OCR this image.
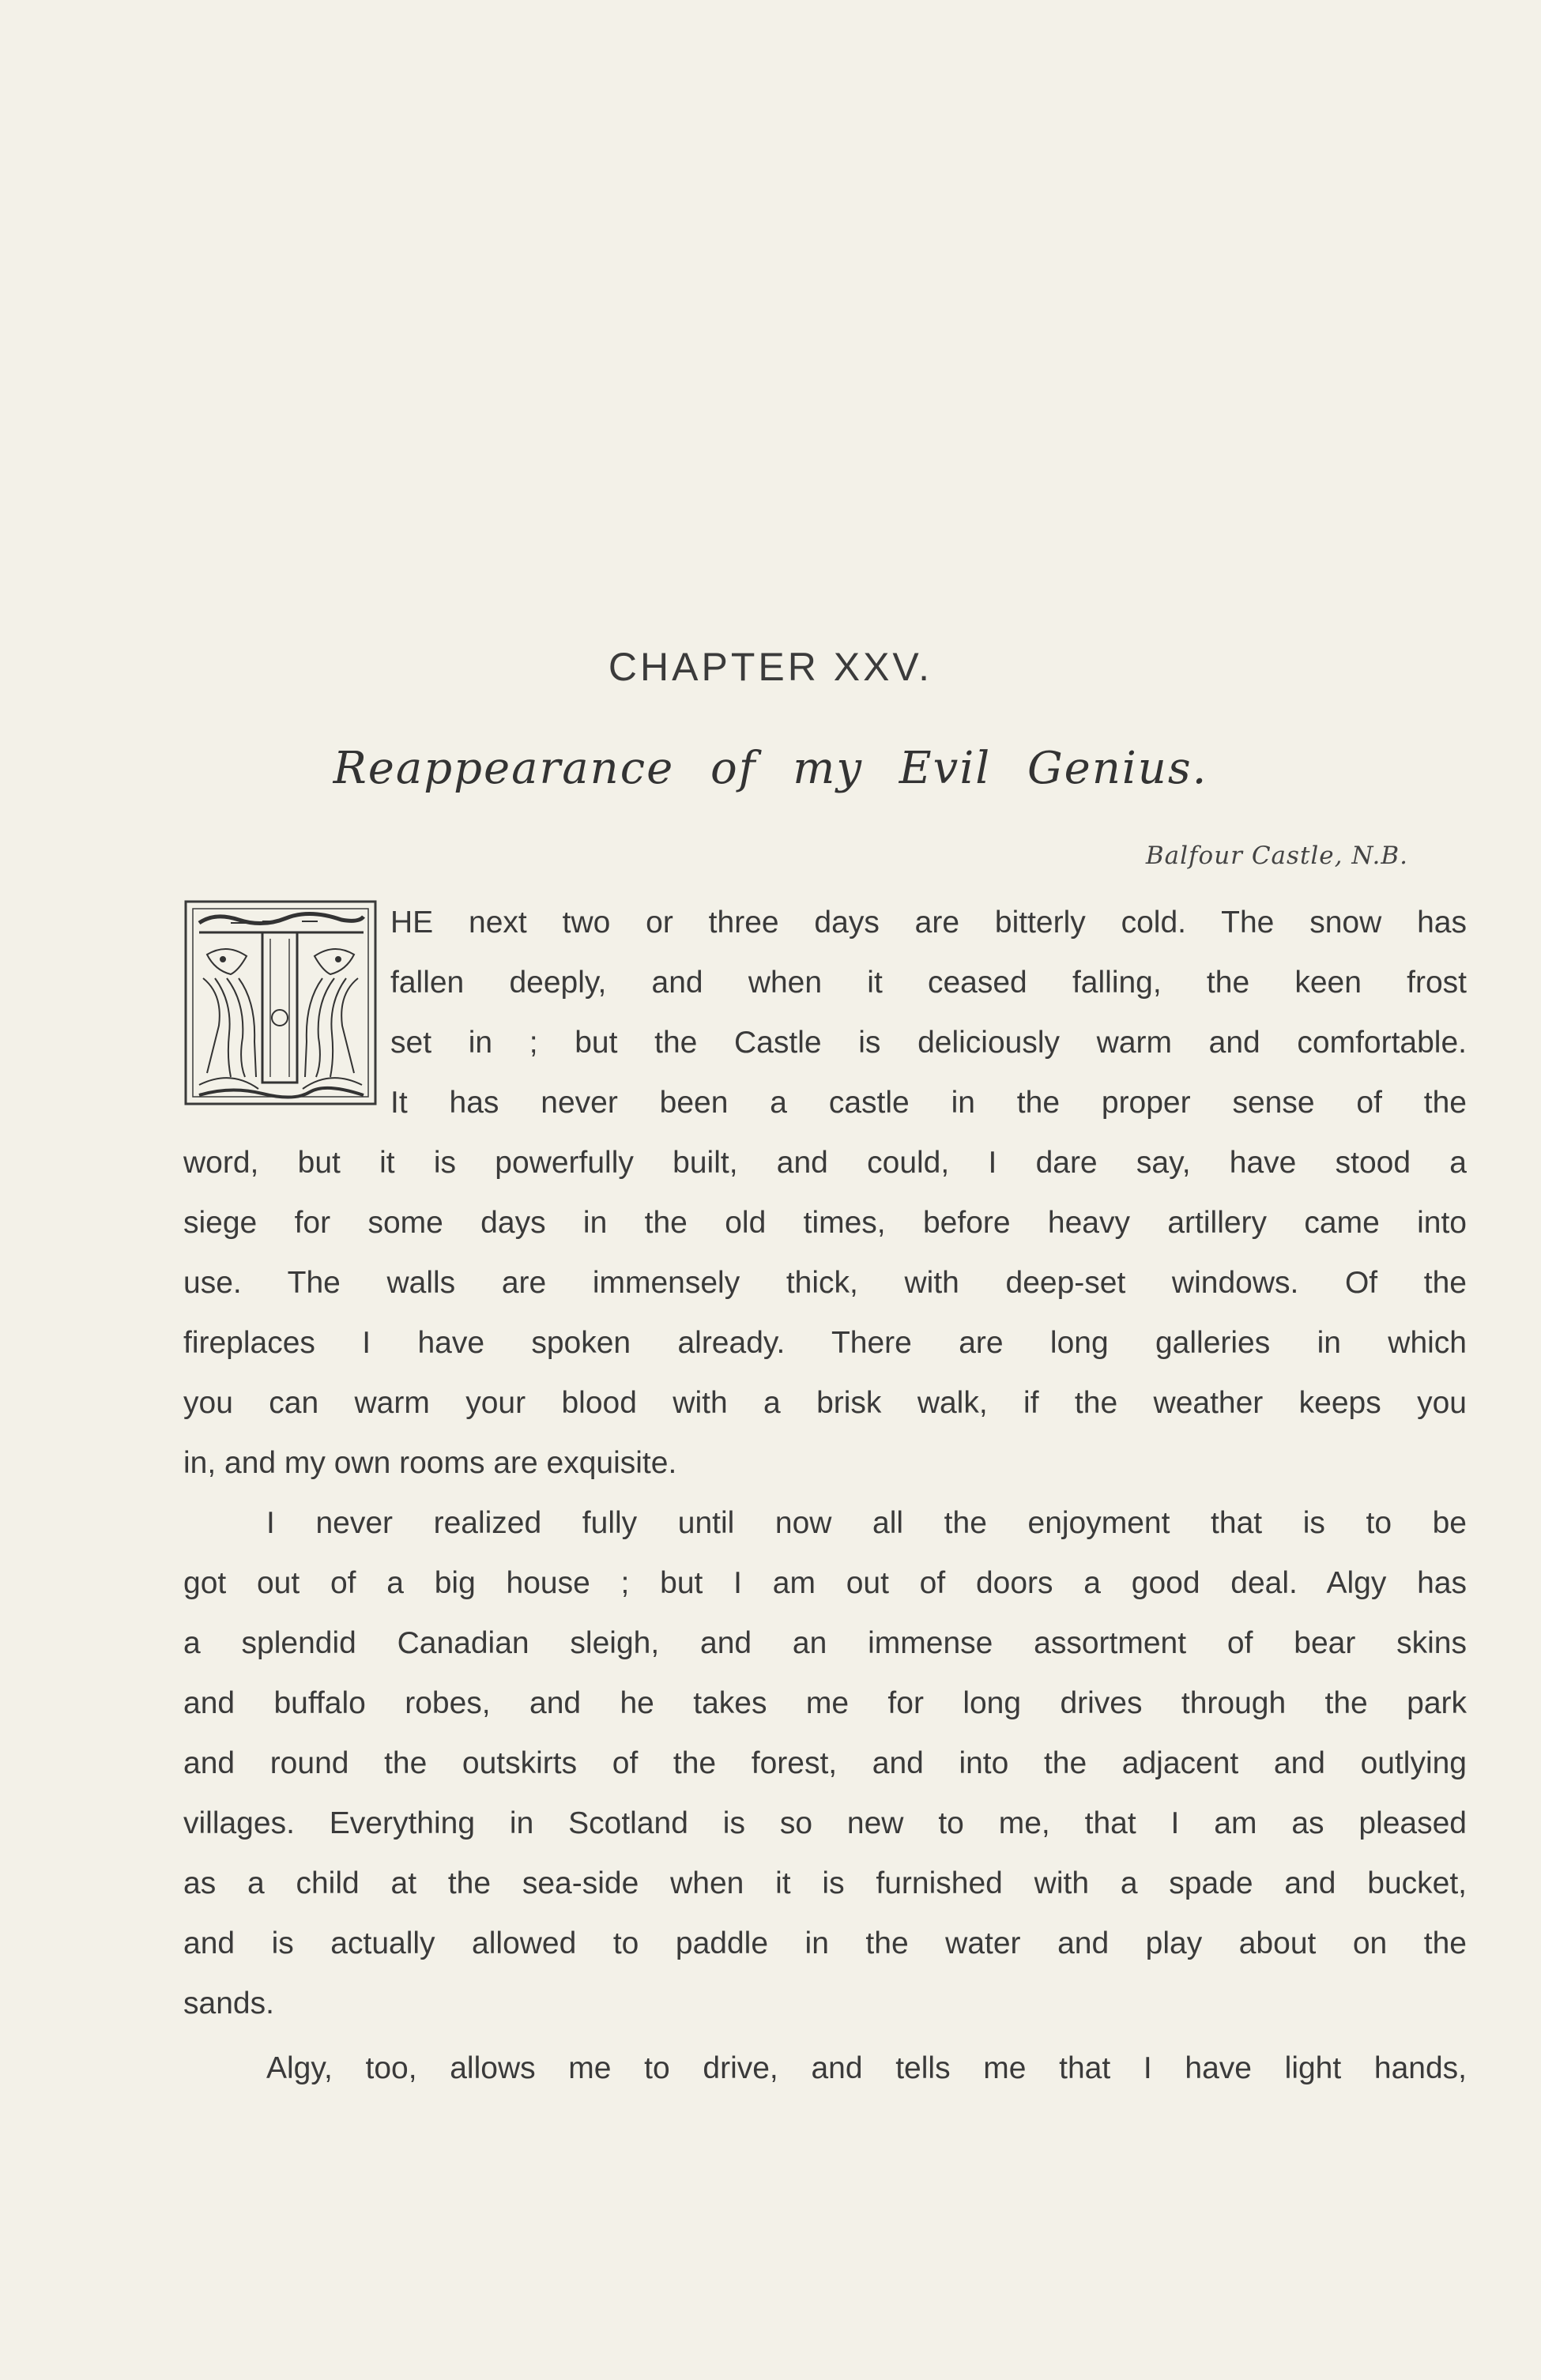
CHAPTER XXV.
Reappearance of my Evil Genius.
Balfour Castle, N.B.
HE next two or three days are bitterly cold. The snow has
fallen deeply, and when it ceased falling, the keen frost
set in ; but the Castle is deliciously warm and comfortable.
It has never been a castle in the proper sense of the
word, but it is powerfully built, and could, I dare say, have stood a
siege for some days in the old times, before heavy artillery came into
use. The walls are immensely thick, with deep-set windows. Of the
fireplaces I have spoken already. There are long galleries in which
you can warm your blood with a brisk walk, if the weather keeps you
in, and my own rooms are exquisite.
I never realized fully until now all the enjoyment that is to be
got out of a big house ; but I am out of doors a good deal. Algy has
a splendid Canadian sleigh, and an immense assortment of bear skins
and buffalo robes, and he takes me for long drives through the park
and round the outskirts of the forest, and into the adjacent and outlying
villages. Everything in Scotland is so new to me, that I am as pleased
as a child at the sea-side when it is furnished with a spade and bucket,
and is actually allowed to paddle in the water and play about on the
sands.
Algy, too, allows me to drive, and tells me that I have light hands,
